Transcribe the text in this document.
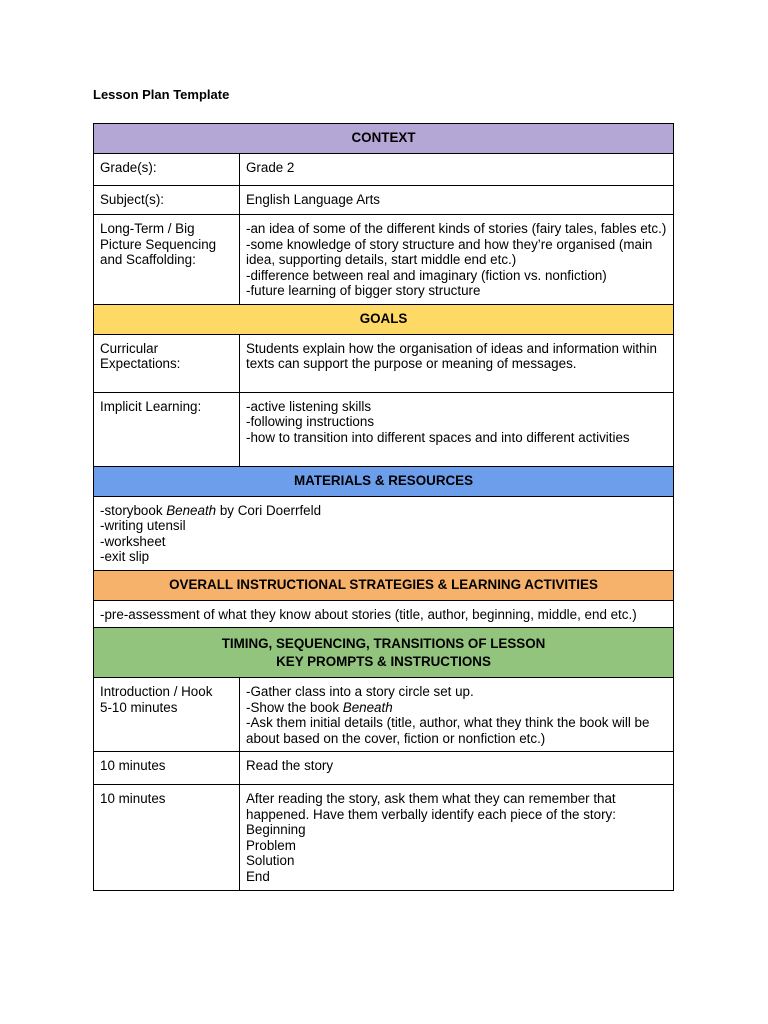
Lesson Plan Template
CONTEXT	
Grade(s):	Grade 2
Subject(s):	English Language Arts
Long-Term / Big Picture Sequencing and Scaffolding:	-an idea of some of the different kinds of stories (fairy tales, fables etc.)
-some knowledge of story structure and how they’re organised (main idea, supporting details, start middle end etc.)
-difference between real and imaginary (fiction vs. nonfiction)
-future learning of bigger story structure

GOALS	
Curricular Expectations:	Students explain how the organisation of ideas and information within texts can support the purpose or meaning of messages.
Implicit Learning:	-active listening skills
-following instructions
-how to transition into different spaces and into different activities

MATERIALS & RESOURCES	

-storybook Beneath by Cori Doerrfeld
-writing utensil
-worksheet
-exit slip	

OVERALL INSTRUCTIONAL STRATEGIES & LEARNING ACTIVITIES	
-pre-assessment of what they know about stories (title, author, beginning, middle, end etc.)	

TIMING, SEQUENCING, TRANSITIONS OF LESSON
KEY PROMPTS & INSTRUCTIONS	

Introduction / Hook
5-10 minutes	-Gather class into a story circle set up.
-Show the book Beneath
-Ask them initial details (title, author, what they think the book will be about based on the cover, fiction or nonfiction etc.)

10 minutes	Read the story
10 minutes	After reading the story, ask them what they can remember that happened. Have them verbally identify each piece of the story:
Beginning
Problem
Solution
End
